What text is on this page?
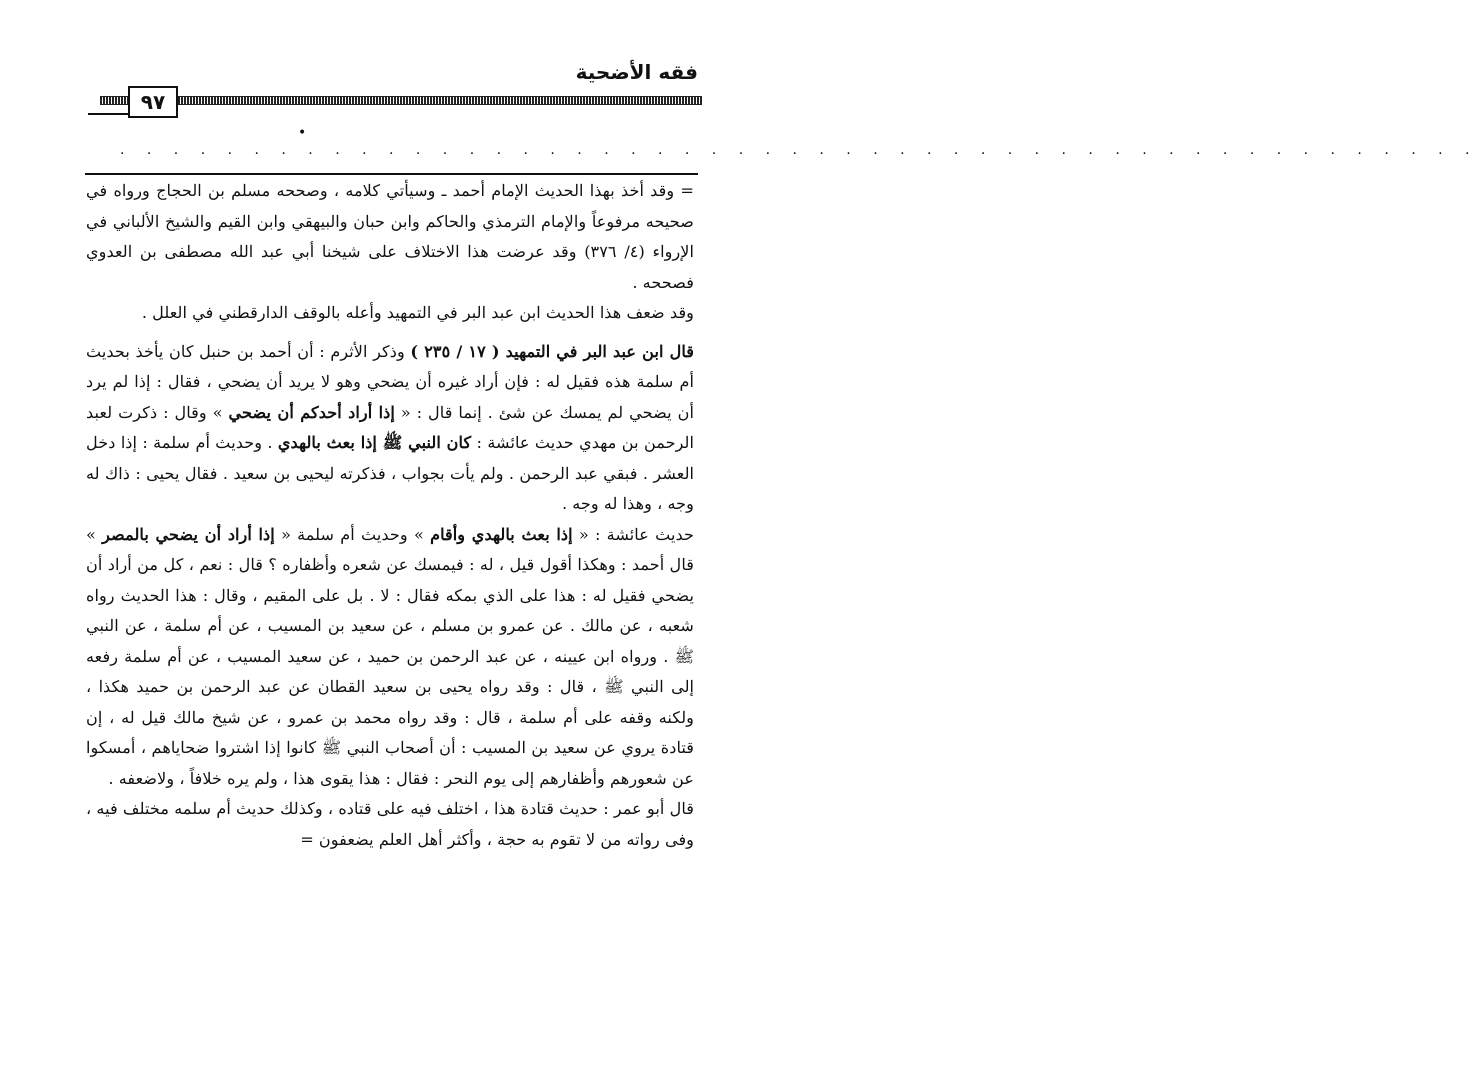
فقه الأضحية
٩٧
•
. . . . . . . . . . . . . . . . . . . . . . . . . . . . . . . . . . . . . . . . . . . . . . . . . . .

= وقد أخذ بهذا الحديث الإمام أحمد ـ وسيأتي كلامه ، وصححه مسلم بن الحجاج ورواه في صحيحه مرفوعاً والإمام الترمذي والحاكم وابن حبان والبيهقي وابن القيم والشيخ الألباني في الإرواء (٤/ ٣٧٦) وقد عرضت هذا الاختلاف على شيخنا أبي عبد الله مصطفى بن العدوي فصححه .

وقد ضعف هذا الحديث ابن عبد البر في التمهيد وأعله بالوقف الدارقطني في العلل .

قال ابن عبد البر في التمهيد ( ١٧ / ٢٣٥ ) وذكر الأثرم : أن أحمد بن حنبل كان يأخذ بحديث أم سلمة هذه فقيل له : فإن أراد غيره أن يضحي وهو لا يريد أن يضحي ، فقال : إذا لم يرد أن يضحي لم يمسك عن شئ . إنما قال : « إذا أراد أحدكم أن يضحي » وقال : ذكرت لعبد الرحمن بن مهدي حديث عائشة : كان النبي ﷺ إذا بعث بالهدي . وحديث أم سلمة : إذا دخل العشر . فبقي عبد الرحمن . ولم يأت بجواب ، فذكرته ليحيى بن سعيد . فقال يحيى : ذاك له وجه ، وهذا له وجه .

حديث عائشة : « إذا بعث بالهدي وأقام » وحديث أم سلمة « إذا أراد أن يضحي بالمصر » قال أحمد : وهكذا أقول قيل ، له : فيمسك عن شعره وأظفاره ؟ قال : نعم ، كل من أراد أن يضحي فقيل له : هذا على الذي بمكه فقال : لا . بل على المقيم ، وقال : هذا الحديث رواه شعبه ، عن مالك . عن عمرو بن مسلم ، عن سعيد بن المسيب ، عن أم سلمة ، عن النبي ﷺ . ورواه ابن عيينه ، عن عبد الرحمن بن حميد ، عن سعيد المسيب ، عن أم سلمة رفعه إلى النبي ﷺ ، قال : وقد رواه يحيى بن سعيد القطان عن عبد الرحمن بن حميد هكذا ، ولكنه وقفه على أم سلمة ، قال : وقد رواه محمد بن عمرو ، عن شيخ مالك قيل له ، إن قتادة يروي عن سعيد بن المسيب : أن أصحاب النبي ﷺ كانوا إذا اشتروا ضحاياهم ، أمسكوا عن شعورهم وأظفارهم إلى يوم النحر : فقال : هذا يقوى هذا ، ولم يره خلافاً ، ولاضعفه .

قال أبو عمر : حديث قتادة هذا ، اختلف فيه على قتاده ، وكذلك حديث أم سلمه مختلف فيه ، وفى رواته من لا تقوم به حجة ، وأكثر أهل العلم يضعفون =
